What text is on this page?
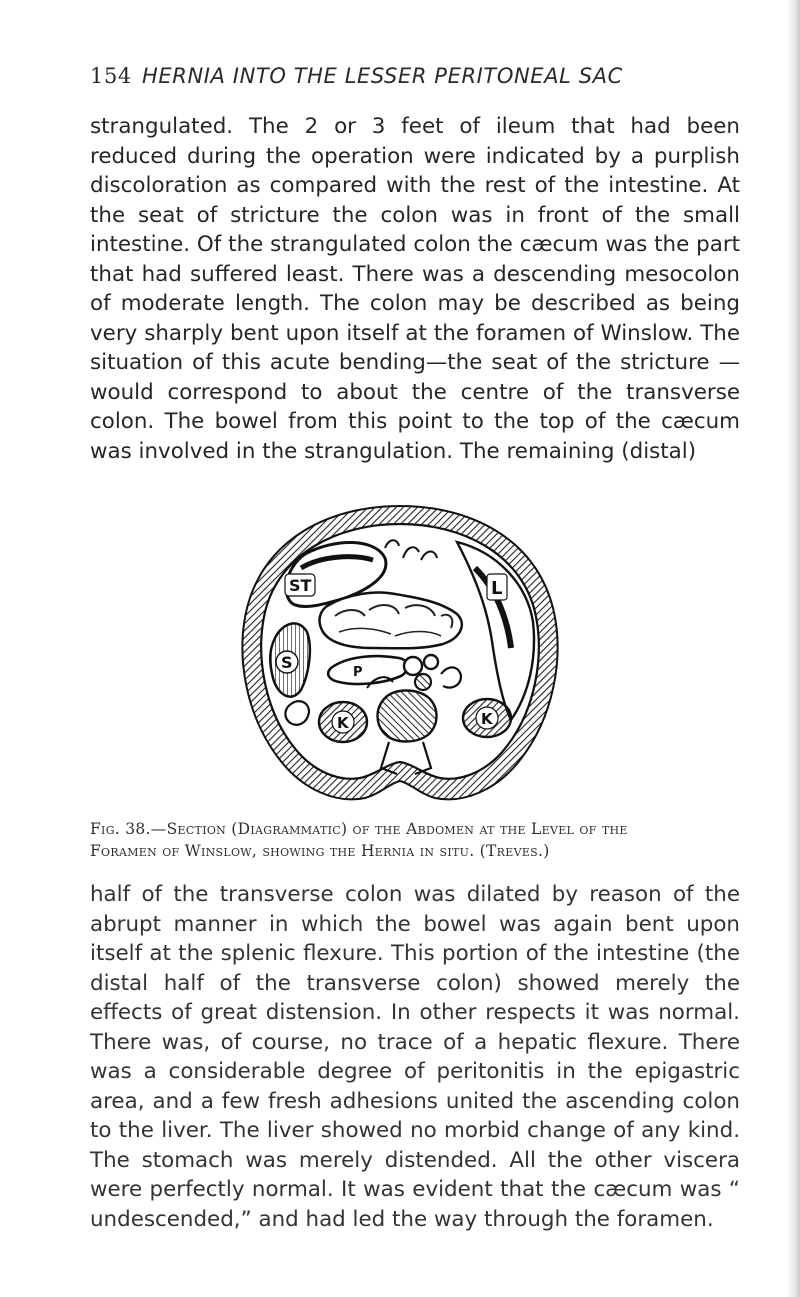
154 HERNIA INTO THE LESSER PERITONEAL SAC

strangulated. The 2 or 3 feet of ileum that had been reduced during the operation were indicated by a purplish discoloration as compared with the rest of the intestine. At the seat of stricture the colon was in front of the small intestine. Of the strangulated colon the cæcum was the part that had suffered least. There was a descending mesocolon of moderate length. The colon may be described as being very sharply bent upon itself at the foramen of Winslow. The situation of this acute bending—the seat of the stricture —would correspond to about the centre of the transverse colon. The bowel from this point to the top of the cæcum was involved in the strangulation. The remaining (distal)

ST	L
S
P
K	K
Fig. 38.—Section (Diagrammatic) of the Abdomen at the Level of the

Foramen of Winslow, showing the Hernia in situ. (Treves.)

half of the transverse colon was dilated by reason of the abrupt manner in which the bowel was again bent upon itself at the splenic flexure. This portion of the intestine (the distal half of the transverse colon) showed merely the effects of great distension. In other respects it was normal. There was, of course, no trace of a hepatic flexure. There was a considerable degree of peritonitis in the epigastric area, and a few fresh adhesions united the ascending colon to the liver. The liver showed no morbid change of any kind. The stomach was merely distended. All the other viscera were perfectly normal. It was evident that the cæcum was “ undescended,” and had led the way through the foramen.
